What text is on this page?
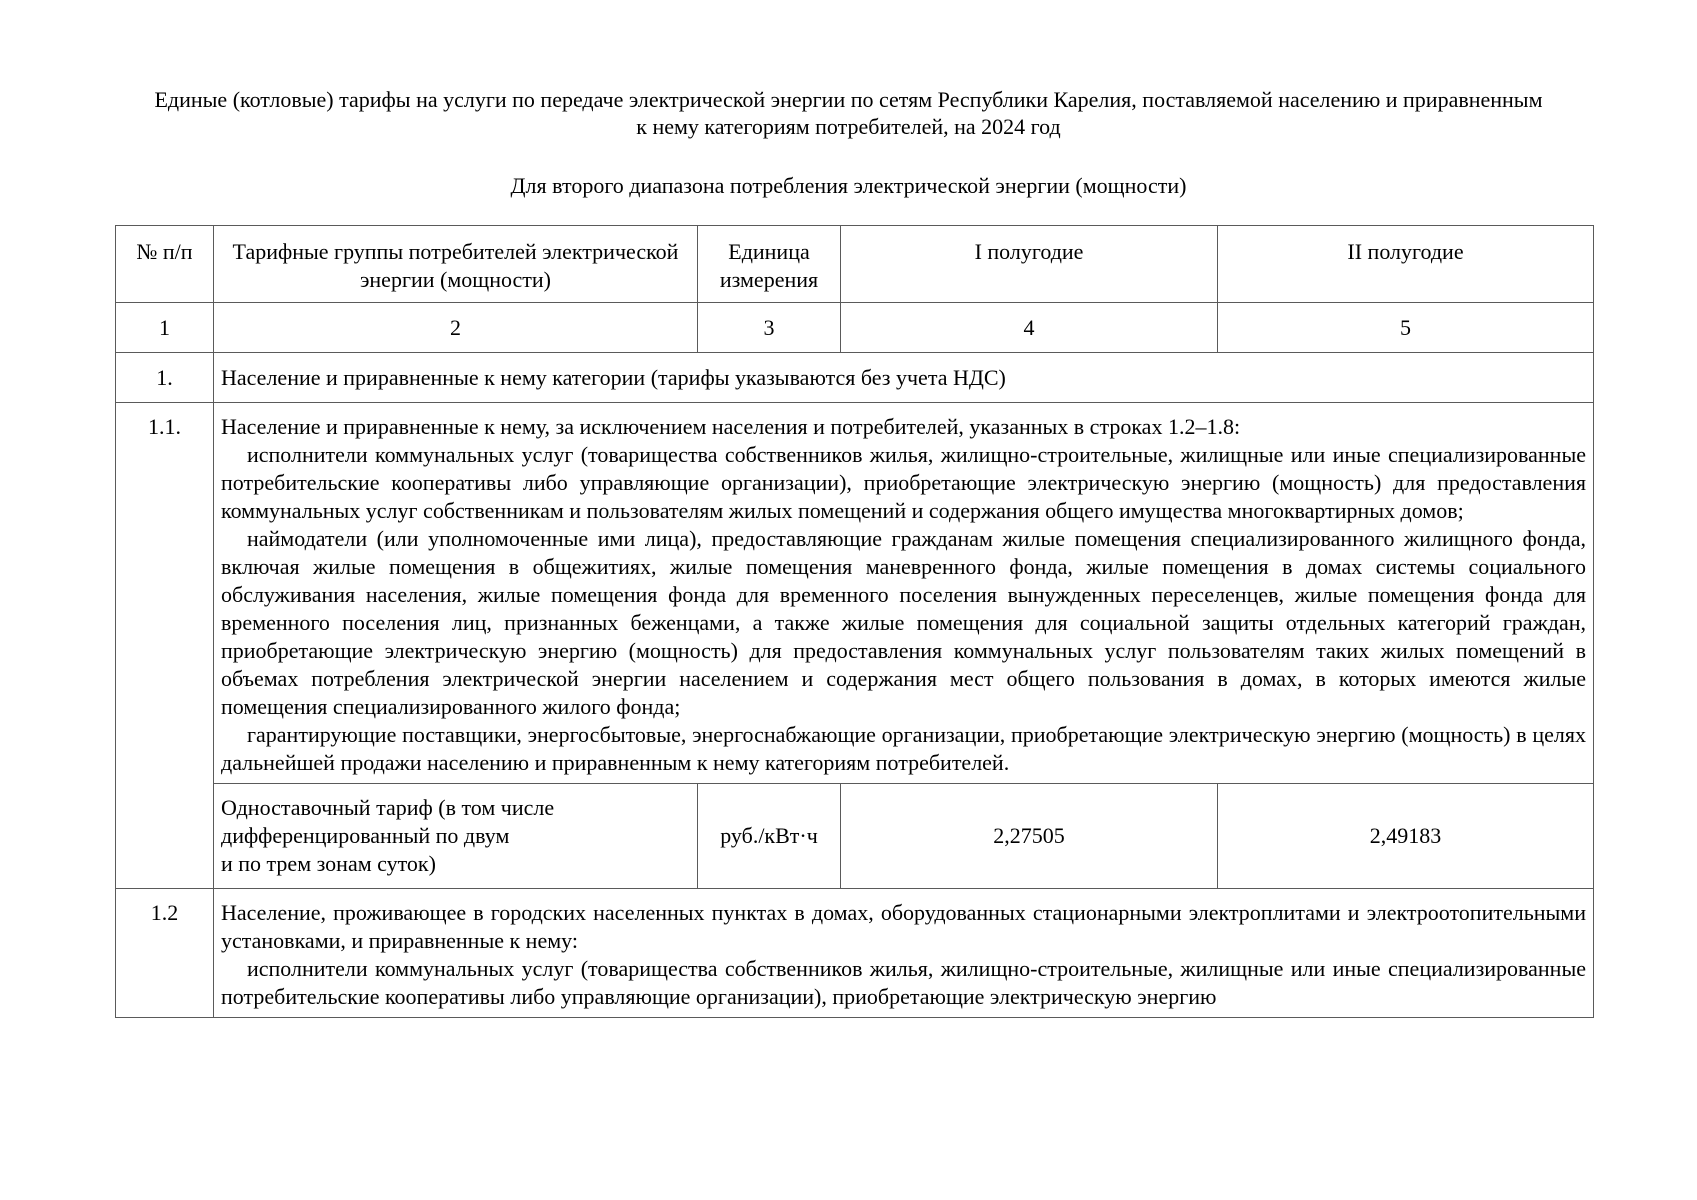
Единые (котловые) тарифы на услуги по передаче электрической энергии по сетям Республики Карелия, поставляемой населению и приравненным к нему категориям потребителей, на 2024 год
Для второго диапазона потребления электрической энергии (мощности)
№ п/п	Тарифные группы потребителей электрической энергии (мощности)	Единица измерения	I полугодие	II полугодие
1	2	3	4	5
1.	Население и приравненные к нему категории (тарифы указываются без учета НДС)			
1.1.	Население и приравненные к нему, за исключением населения и потребителей, указанных в строках 1.2–1.8:

исполнители коммунальных услуг (товарищества собственников жилья, жилищно-строительные, жилищные или иные специализированные потребительские кооперативы либо управляющие организации), приобретающие электрическую энергию (мощность) для предоставления коммунальных услуг собственникам и пользователям жилых помещений и содержания общего имущества многоквартирных домов;

наймодатели (или уполномоченные ими лица), предоставляющие гражданам жилые помещения специализированного жилищного фонда, включая жилые помещения в общежитиях, жилые помещения маневренного фонда, жилые помещения в домах системы социального обслуживания населения, жилые помещения фонда для временного поселения вынужденных переселенцев, жилые помещения фонда для временного поселения лиц, признанных беженцами, а также жилые помещения для социальной защиты отдельных категорий граждан, приобретающие электрическую энергию (мощность) для предоставления коммунальных услуг пользователям таких жилых помещений в объемах потребления электрической энергии населением и содержания мест общего пользования в домах, в которых имеются жилые помещения специализированного жилого фонда;

гарантирующие поставщики, энергосбытовые, энергоснабжающие организации, приобретающие электрическую энергию (мощность) в целях дальнейшей продажи населению и приравненным к нему категориям потребителей.			

	Одноставочный тариф (в том числе
дифференцированный по двум
и по трем зонам суток)	руб./кВт·ч	2,27505	2,49183
1.2	Население, проживающее в городских населенных пунктах в домах, оборудованных стационарными электроплитами и электроотопительными установками, и приравненные к нему:

исполнители коммунальных услуг (товарищества собственников жилья, жилищно-строительные, жилищные или иные специализированные потребительские кооперативы либо управляющие организации), приобретающие электрическую энергию			
